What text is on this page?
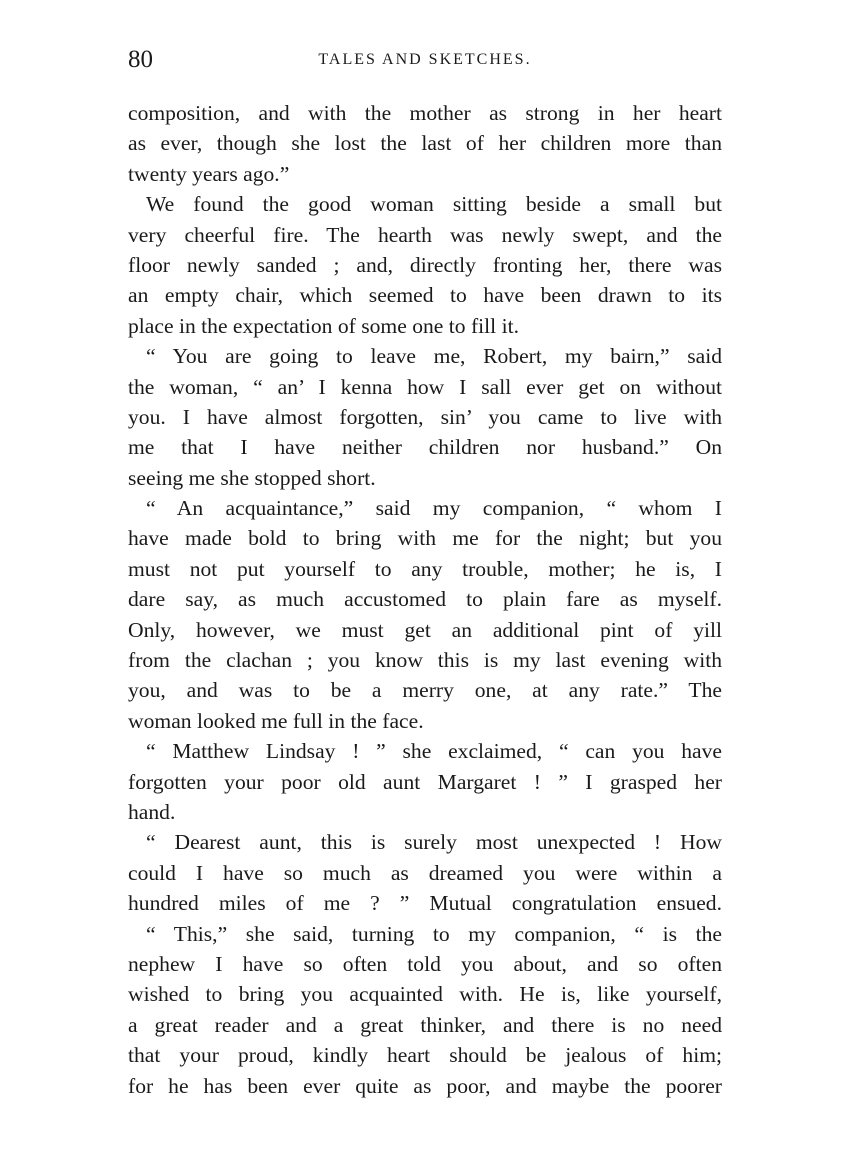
80	TALES AND SKETCHES.
composition, and with the mother as strong in her heart
as ever, though she lost the last of her children more than
twenty years ago.”
We found the good woman sitting beside a small but
very cheerful fire. The hearth was newly swept, and the
floor newly sanded ; and, directly fronting her, there was
an empty chair, which seemed to have been drawn to its
place in the expectation of some one to fill it.
“ You are going to leave me, Robert, my bairn,” said
the woman, “ an’ I kenna how I sall ever get on without
you. I have almost forgotten, sin’ you came to live with
me that I have neither children nor husband.” On
seeing me she stopped short.
“ An acquaintance,” said my companion, “ whom I
have made bold to bring with me for the night; but you
must not put yourself to any trouble, mother; he is, I
dare say, as much accustomed to plain fare as myself.
Only, however, we must get an additional pint of yill
from the clachan ; you know this is my last evening with
you, and was to be a merry one, at any rate.” The
woman looked me full in the face.
“ Matthew Lindsay ! ” she exclaimed, “ can you have
forgotten your poor old aunt Margaret ! ” I grasped her
hand.
“ Dearest aunt, this is surely most unexpected ! How
could I have so much as dreamed you were within a
hundred miles of me ? ” Mutual congratulation ensued.
“ This,” she said, turning to my companion, “ is the
nephew I have so often told you about, and so often
wished to bring you acquainted with. He is, like yourself,
a great reader and a great thinker, and there is no need
that your proud, kindly heart should be jealous of him;
for he has been ever quite as poor, and maybe the poorer
